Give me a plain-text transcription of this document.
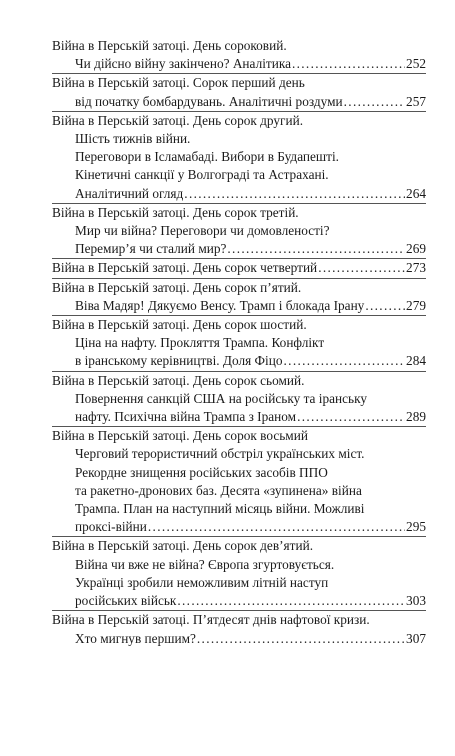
Війна в Перській затоці. День сороковий.
Чи дійсно війну закінчено? Аналітика . . .	252
Війна в Перській затоці. Сорок перший день
від початку бомбардувань. Аналітичні роздуми . . .	257
Війна в Перській затоці. День сорок другий.
Шість тижнів війни.
Переговори в Ісламабаді. Вибори в Будапешті.
Кінетичні санкції у Волгограді та Астрахані.
Аналітичний огляд . . .	264
Війна в Перській затоці. День сорок третій.
Мир чи війна? Переговори чи домовленості?
Перемир’я чи сталий мир? . . .	269
Війна в Перській затоці. День сорок четвертий . . .	273
Війна в Перській затоці. День сорок п’ятий.
Віва Мадяр! Дякуємо Венсу. Трамп і блокада Ірану . . .	279
Війна в Перській затоці. День сорок шостий.
Ціна на нафту. Прокляття Трампа. Конфлікт
в іранському керівництві. Доля Фіцо . . .	284
Війна в Перській затоці. День сорок сьомий.
Повернення санкцій США на російську та іранську
нафту. Психічна війна Трампа з Іраном . . .	289
Війна в Перській затоці. День сорок восьмий
Черговий терористичний обстріл українських міст.
Рекордне знищення російських засобів ППО
та ракетно-дронових баз. Десята «зупинена» війна
Трампа. План на наступний місяць війни. Можливі
проксі-війни . . .	295
Війна в Перській затоці. День сорок дев’ятий.
Війна чи вже не війна? Європа згуртовується.
Українці зробили неможливим літній наступ
російських військ . . .	303
Війна в Перській затоці. П’ятдесят днів нафтової кризи.
Хто мигнув першим? . . .	307
